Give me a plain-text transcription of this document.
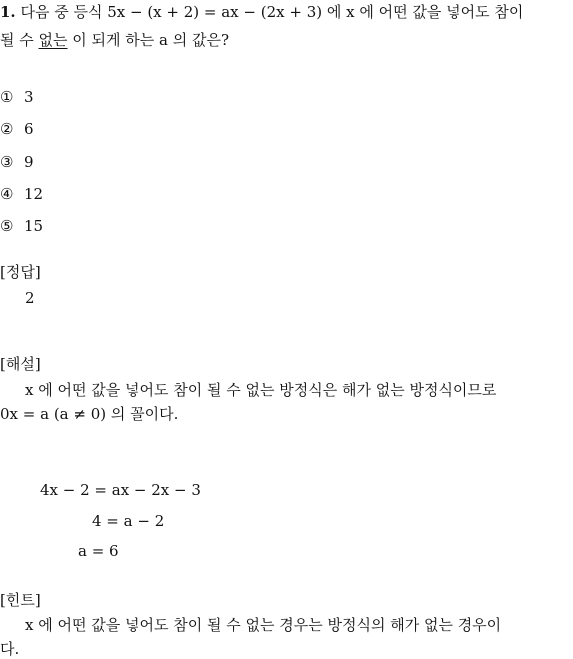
1. 다음 중 등식 5x − (x + 2) = ax − (2x + 3) 에 x 에 어떤 값을 넣어도 참이
될 수 없는 이 되게 하는 a 의 값은?
① 3
② 6
③ 9
④ 12
⑤ 15
[정답]
2
[해설]
x 에 어떤 값을 넣어도 참이 될 수 없는 방정식은 해가 없는 방정식이므로
0x = a (a ≠ 0) 의 꼴이다.
4x − 2 = ax − 2x − 3
4 = a − 2
a = 6
[힌트]
x 에 어떤 값을 넣어도 참이 될 수 없는 경우는 방정식의 해가 없는 경우이
다.
